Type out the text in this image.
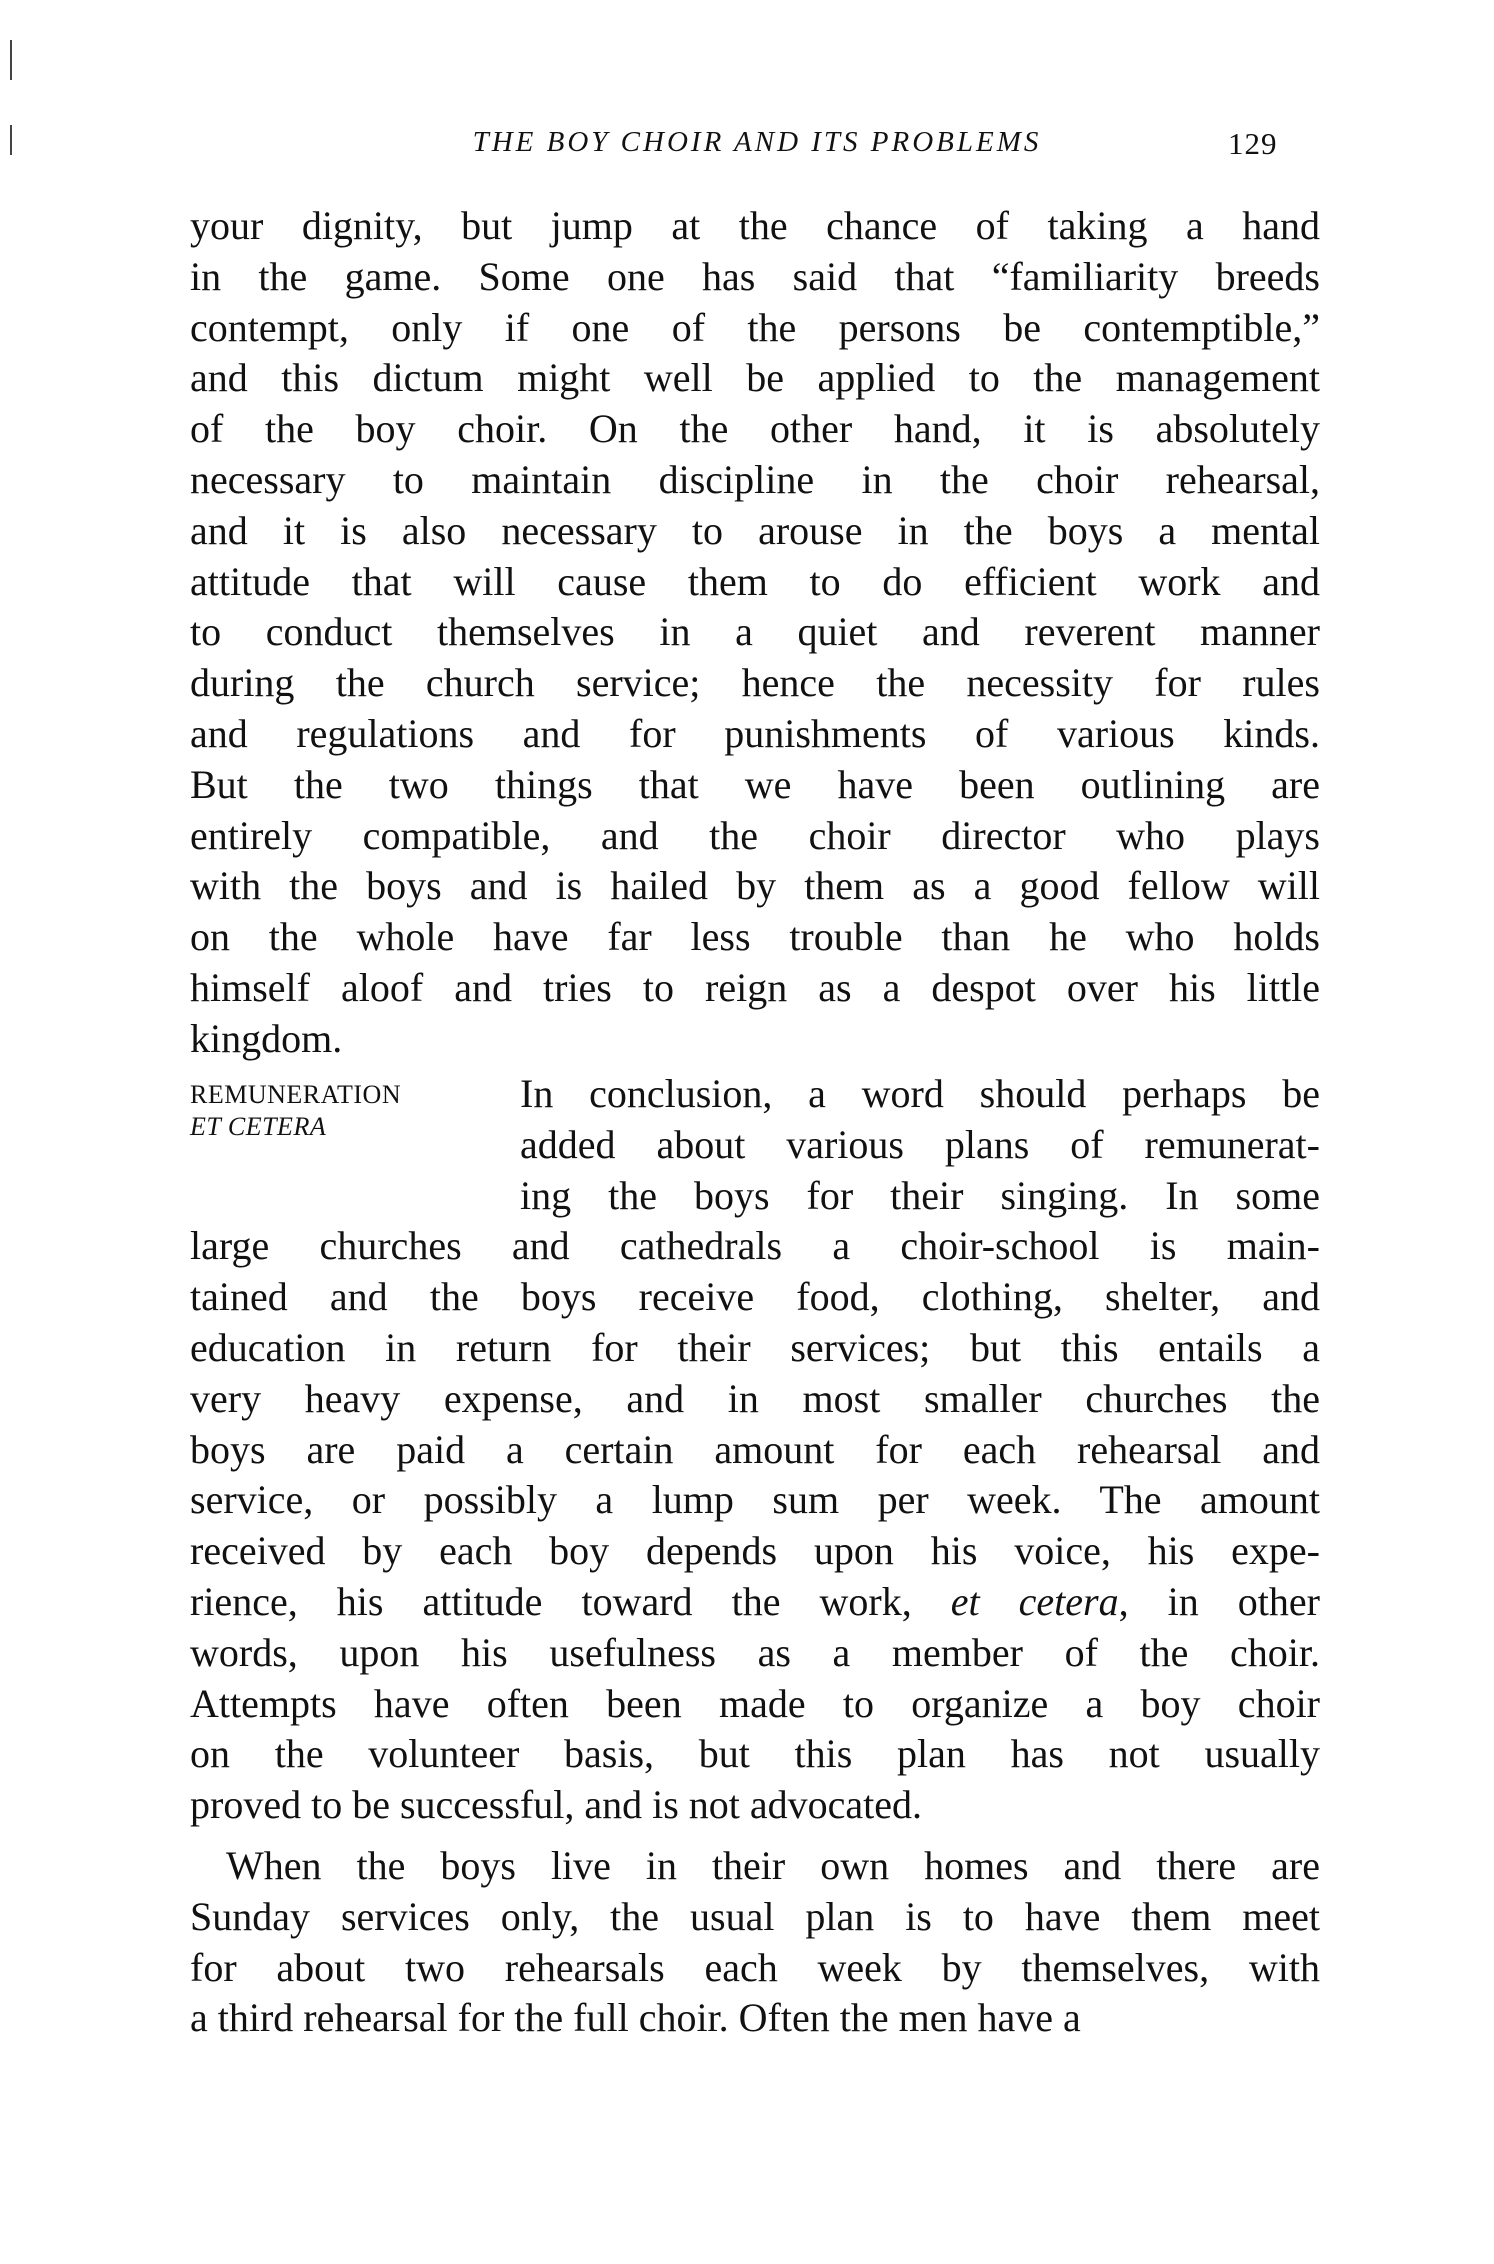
THE BOY CHOIR AND ITS PROBLEMS	129
REMUNERATION
ET CETERA
your dignity, but jump at the chance of taking a hand
in the game. Some one has said that “familiarity breeds
contempt, only if one of the persons be contemptible,”
and this dictum might well be applied to the management
of the boy choir. On the other hand, it is absolutely
necessary to maintain discipline in the choir rehearsal,
and it is also necessary to arouse in the boys a mental
attitude that will cause them to do efficient work and
to conduct themselves in a quiet and reverent manner
during the church service; hence the necessity for rules
and regulations and for punishments of various kinds.
But the two things that we have been outlining are
entirely compatible, and the choir director who plays
with the boys and is hailed by them as a good fellow will
on the whole have far less trouble than he who holds
himself aloof and tries to reign as a despot over his little
kingdom.
In conclusion, a word should perhaps be
added about various plans of remunerat-
ing the boys for their singing. In some
large churches and cathedrals a choir-school is main-
tained and the boys receive food, clothing, shelter, and
education in return for their services; but this entails a
very heavy expense, and in most smaller churches the
boys are paid a certain amount for each rehearsal and
service, or possibly a lump sum per week. The amount
received by each boy depends upon his voice, his expe-
rience, his attitude toward the work, et cetera, in other
words, upon his usefulness as a member of the choir.
Attempts have often been made to organize a boy choir
on the volunteer basis, but this plan has not usually
proved to be successful, and is not advocated.
When the boys live in their own homes and there are
Sunday services only, the usual plan is to have them meet
for about two rehearsals each week by themselves, with
a third rehearsal for the full choir. Often the men have a
